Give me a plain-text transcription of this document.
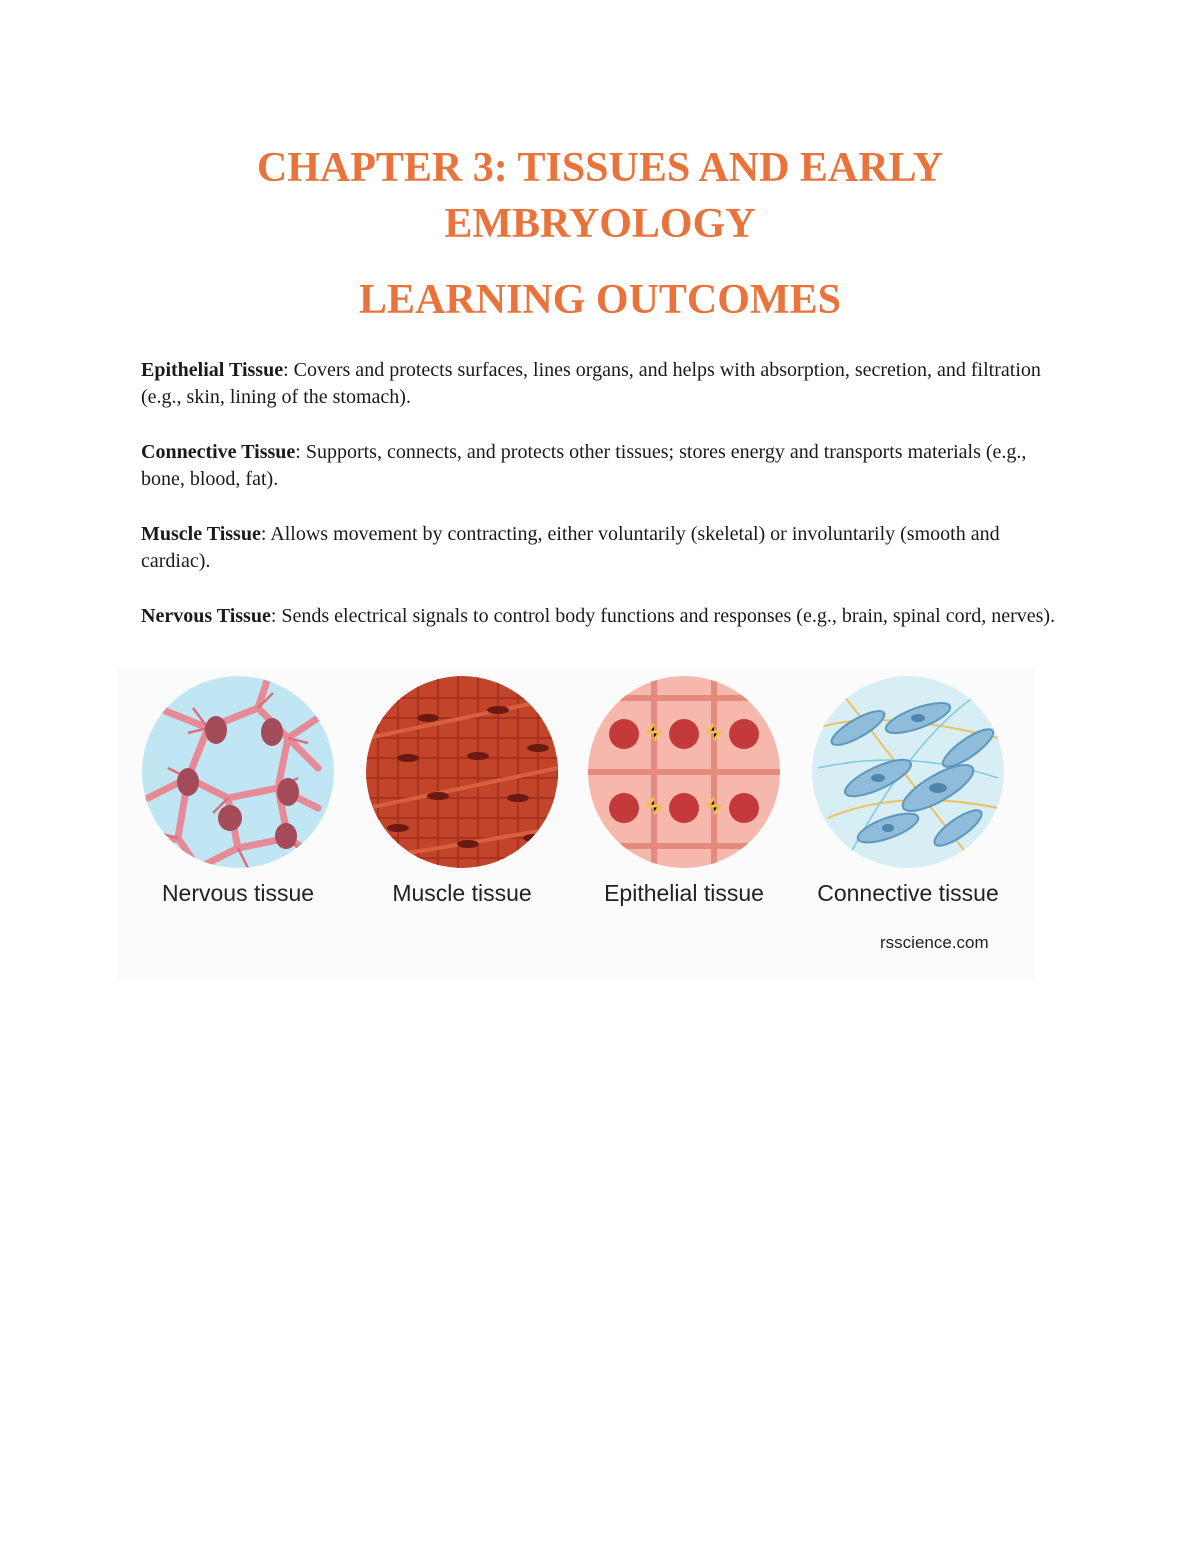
CHAPTER 3: TISSUES AND EARLY
EMBRYOLOGY
LEARNING OUTCOMES

Epithelial Tissue: Covers and protects surfaces, lines organs, and helps with absorption, secretion, and filtration (e.g., skin, lining of the stomach).

Connective Tissue: Supports, connects, and protects other tissues; stores energy and transports materials (e.g., bone, blood, fat).

Muscle Tissue: Allows movement by contracting, either voluntarily (skeletal) or involuntarily (smooth and cardiac).

Nervous Tissue: Sends electrical signals to control body functions and responses (e.g., brain, spinal cord, nerves).

Nervous tissue	Muscle tissue	Epithelial tissue	Connective tissue
rsscience.com
